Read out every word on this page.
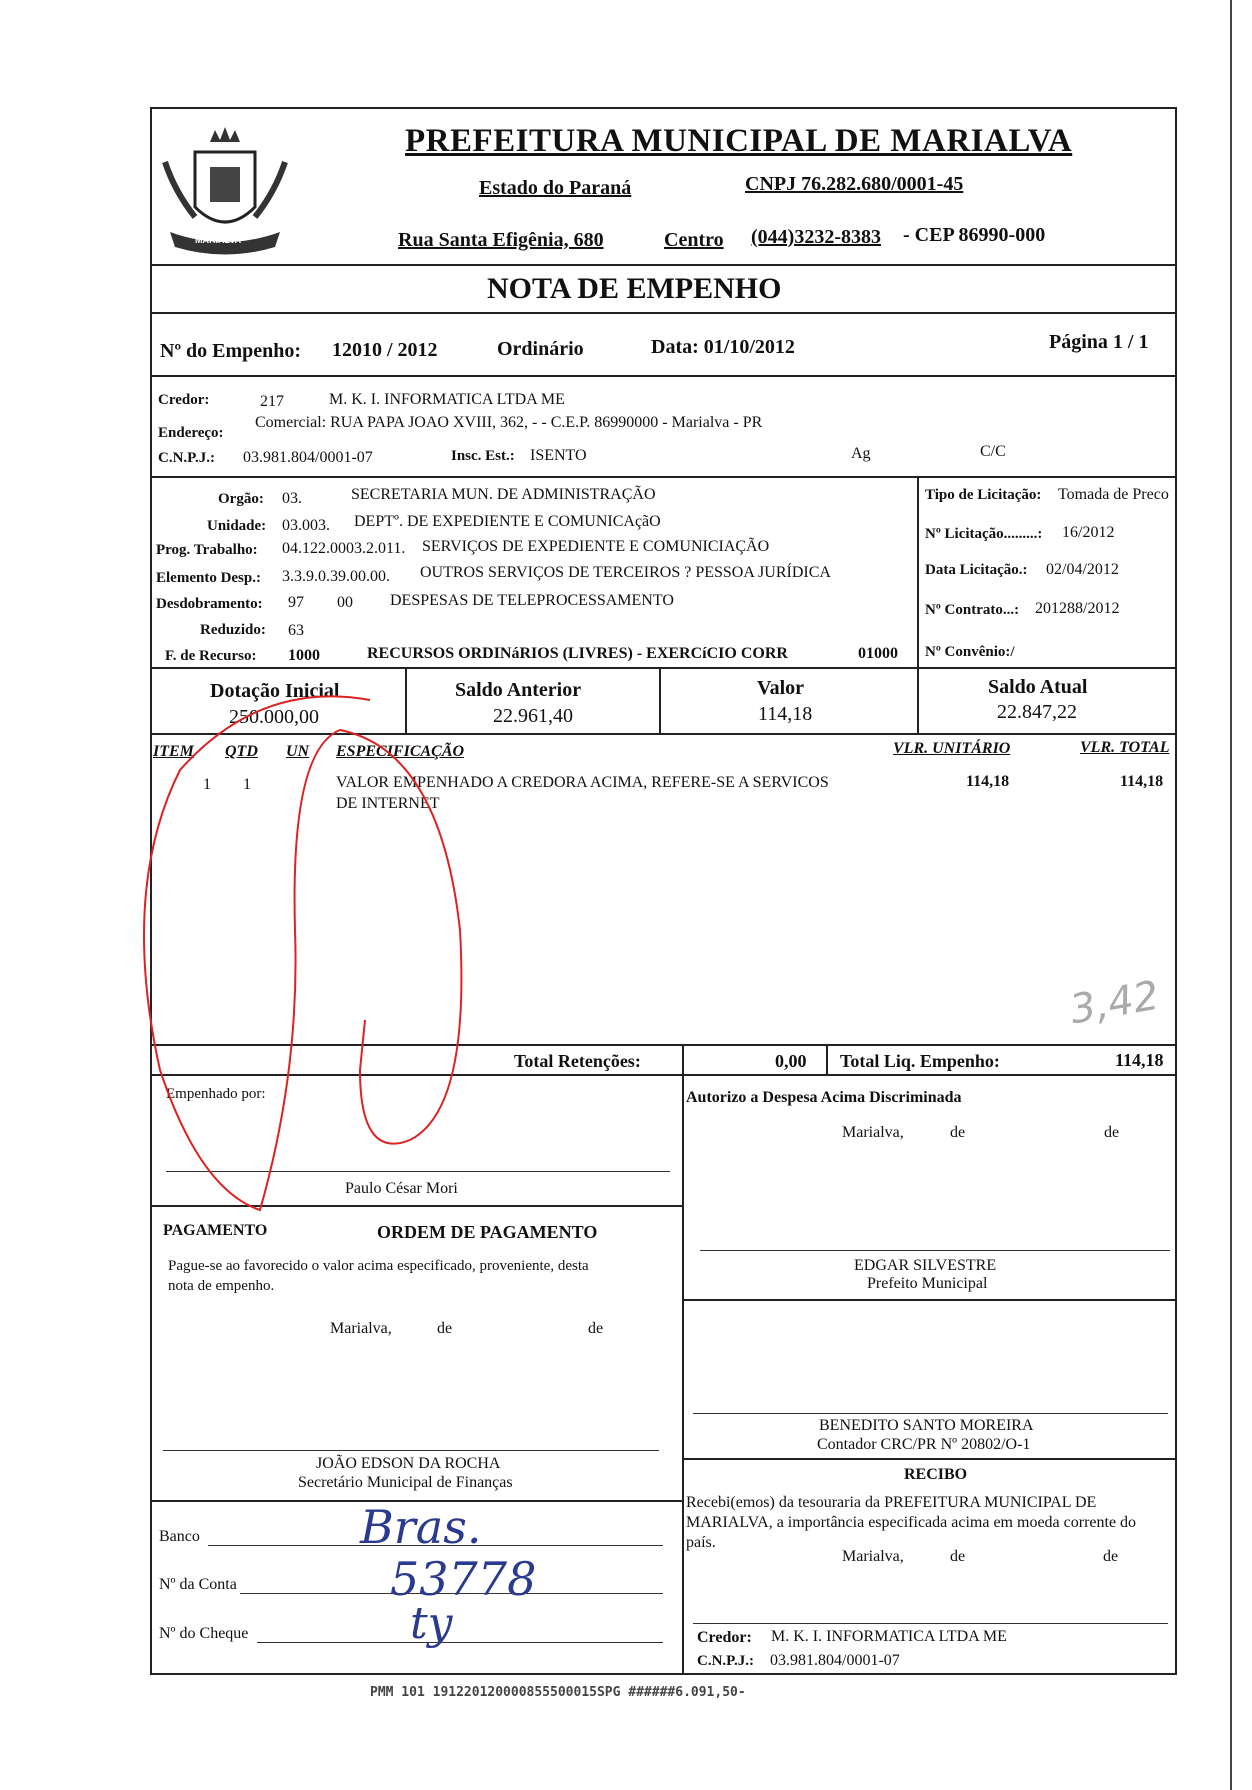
MARIALVA
PREFEITURA MUNICIPAL DE MARIALVA
Estado do Paraná	CNPJ 76.282.680/0001-45
Rua Santa Efigênia, 680	Centro (044)3232-8383 - CEP 86990-000
NOTA DE EMPENHO
Nº do Empenho: 12010 / 2012	Ordinário	Data: 01/10/2012	Página 1 / 1
Credor:	217	M. K. I. INFORMATICA LTDA ME
Endereço:
Comercial: RUA PAPA JOAO XVIII, 362, - - C.E.P. 86990000 - Marialva - PR
C.N.P.J.: 03.981.804/0001-07	Insc. Est.: ISENTO	Ag	C/C
Orgão: 03.	SECRETARIA MUN. DE ADMINISTRAÇÃO
Unidade: 03.003. DEPTº. DE EXPEDIENTE E COMUNICAçãO
Prog. Trabalho: 04.122.0003.2.011. SERVIÇOS DE EXPEDIENTE E COMUNICIAÇÃO
Elemento Desp.: 3.3.9.0.39.00.00. OUTROS SERVIÇOS DE TERCEIROS ? PESSOA JURÍDICA
Desdobramento: 97 00 DESPESAS DE TELEPROCESSAMENTO
Reduzido: 63
F. de Recurso: 1000	RECURSOS ORDINáRIOS (LIVRES) - EXERCíCIO CORR	01000
Tipo de Licitação: Tomada de Preco
Nº Licitação.........: 16/2012
Data Licitação.: 02/04/2012
Nº Contrato...: 201288/2012
Nº Convênio:/
Dotação Inicial
250.000,00
Saldo Anterior
22.961,40
Valor
114,18
Saldo Atual
22.847,22
ITEM QTD UN ESPECIFICAÇÃO	VLR. UNITÁRIO	VLR. TOTAL
1 1	VALOR EMPENHADO A CREDORA ACIMA, REFERE-SE A SERVICOS
DE INTERNET
114,18	114,18
3,42
Total Retenções:	0,00 Total Liq. Empenho:	114,18
Empenhado por:
Paulo César Mori
Autorizo a Despesa Acima Discriminada
Marialva,	de	de
EDGAR SILVESTRE
Prefeito Municipal
PAGAMENTO	ORDEM DE PAGAMENTO
Pague-se ao favorecido o valor acima especificado, proveniente, desta
nota de empenho.
Marialva,	de	de
JOÃO EDSON DA ROCHA
Secretário Municipal de Finanças
BENEDITO SANTO MOREIRA
Contador CRC/PR Nº 20802/O-1
Banco	Bras.
Nº da Conta	53778
Nº do Cheque	ty
RECIBO
Recebi(emos) da tesouraria da PREFEITURA MUNICIPAL DE
MARIALVA, a importância especificada acima em moeda corrente do
país.
Marialva,	de	de
Credor: M. K. I. INFORMATICA LTDA ME
C.N.P.J.: 03.981.804/0001-07
PMM 101 191220120000855500015SPG ######6.091,50-
